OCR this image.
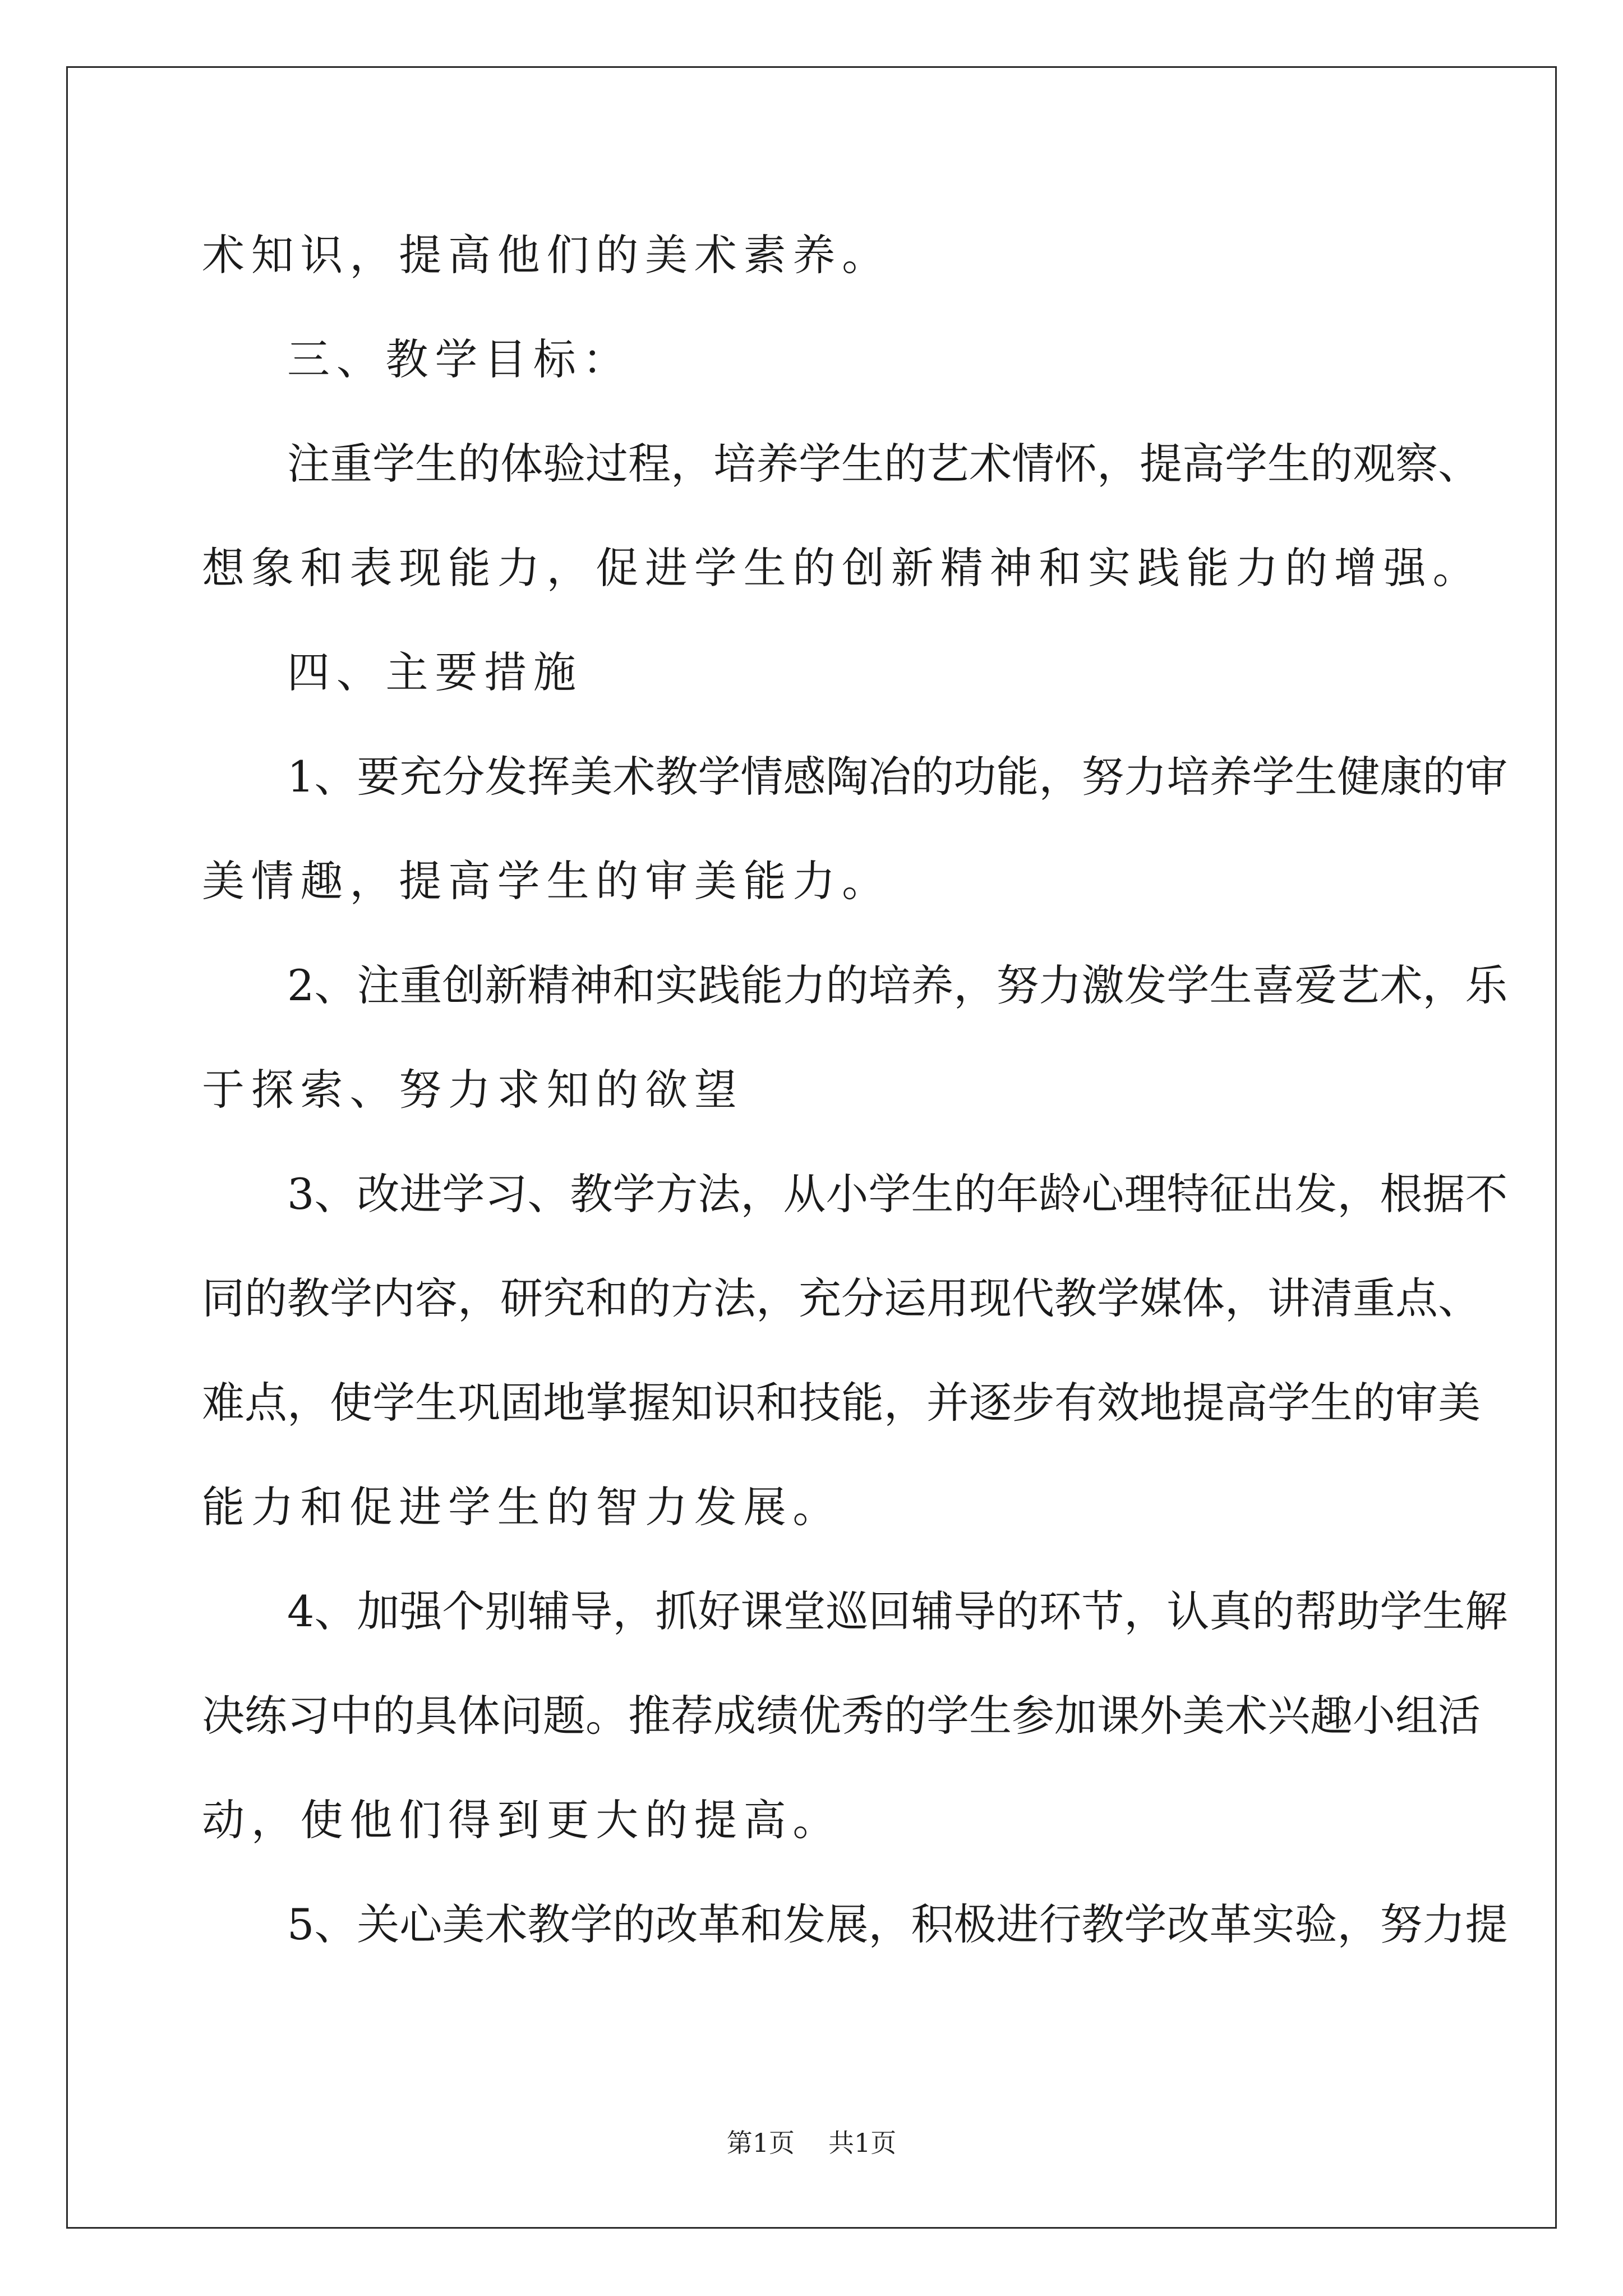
术知识，提高他们的美术素养。
三、教学目标：
注重学生的体验过程，培养学生的艺术情怀，提高学生的观察、
想象和表现能力，促进学生的创新精神和实践能力的增强。
四、主要措施
1、要充分发挥美术教学情感陶冶的功能，努力培养学生健康的审
美情趣，提高学生的审美能力。
2、注重创新精神和实践能力的培养，努力激发学生喜爱艺术，乐
于探索、努力求知的欲望
3、改进学习、教学方法，从小学生的年龄心理特征出发，根据不
同的教学内容，研究和的方法，充分运用现代教学媒体，讲清重点、
难点，使学生巩固地掌握知识和技能，并逐步有效地提高学生的审美
能力和促进学生的智力发展。
4、加强个别辅导，抓好课堂巡回辅导的环节，认真的帮助学生解
决练习中的具体问题。推荐成绩优秀的学生参加课外美术兴趣小组活
动，使他们得到更大的提高。
5、关心美术教学的改革和发展，积极进行教学改革实验，努力提
第1页 共1页
